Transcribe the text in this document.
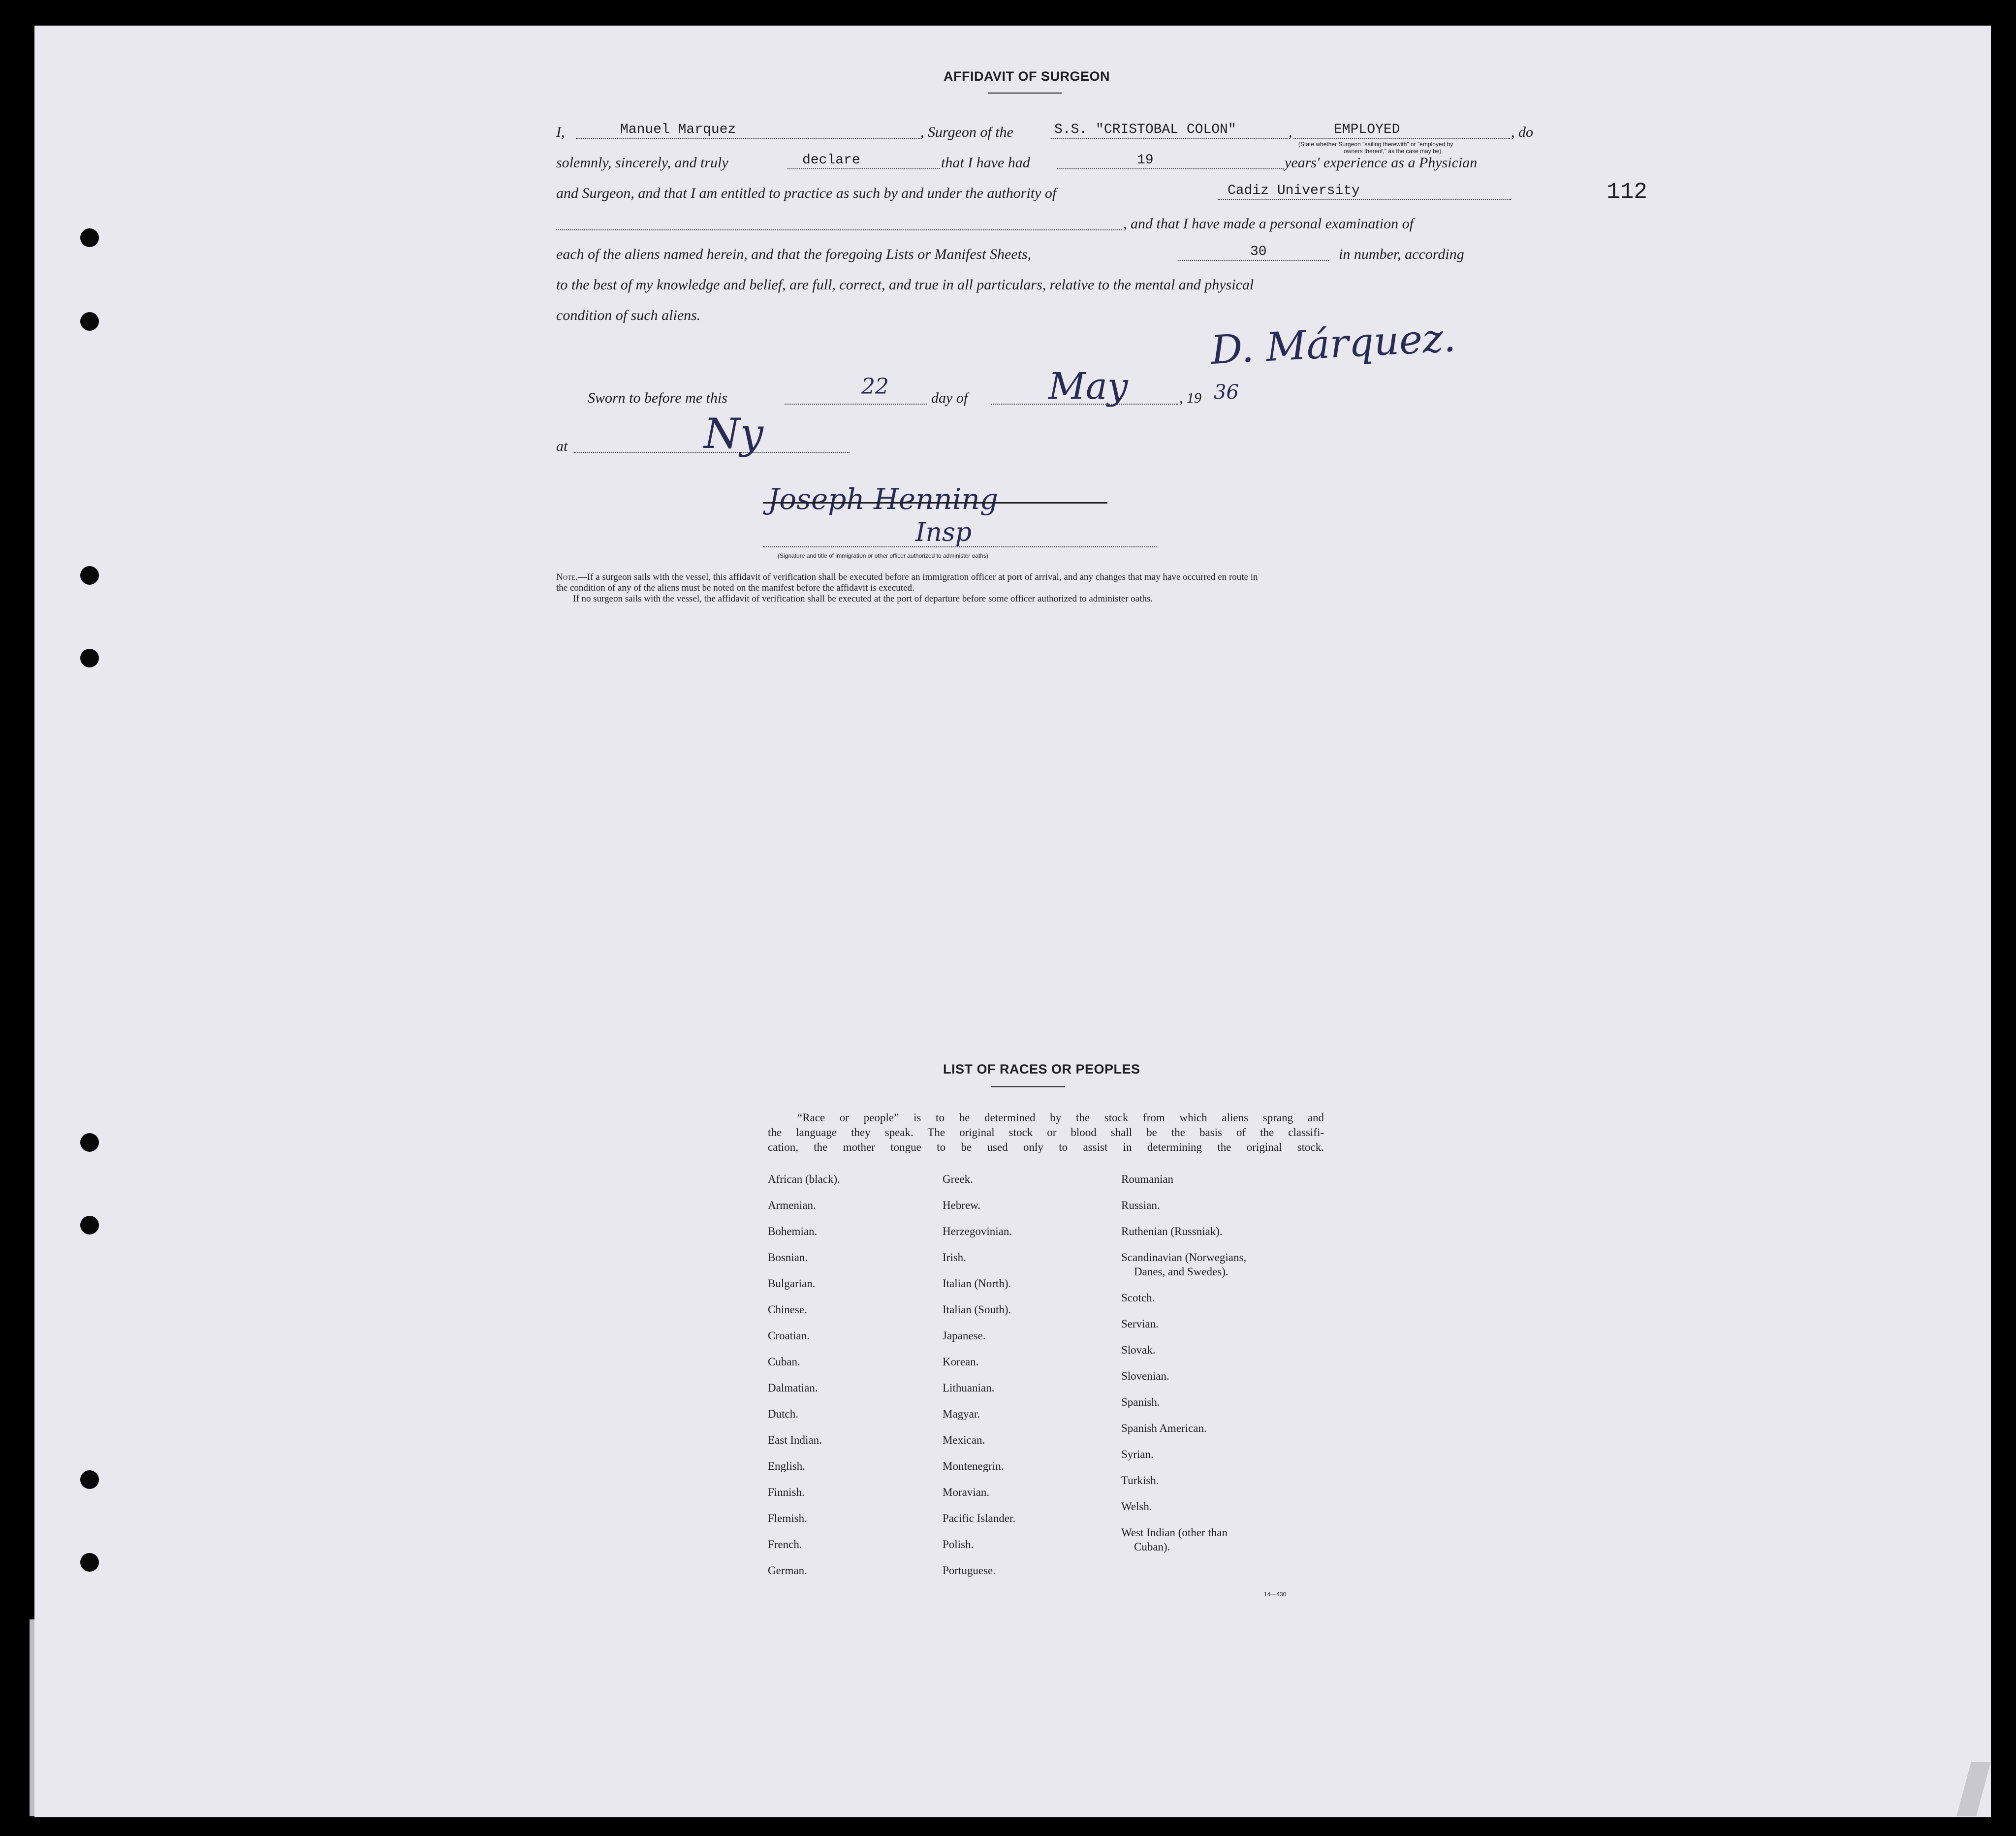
112
AFFIDAVIT OF SURGEON
I,	Manuel Marquez	, Surgeon of the	S.S. "CRISTOBAL COLON"	,	EMPLOYED	, do
(State whether Surgeon "sailing therewith" or "employed by
owners thereof," as the case may be)
solemnly, sincerely, and truly	declare	that I have had	19	years' experience as a Physician
and Surgeon, and that I am entitled to practice as such by and under the authority of	Cadiz University
, and that I have made a personal examination of
each of the aliens named herein, and that the foregoing Lists or Manifest Sheets,	30	in number, according
to the best of my knowledge and belief, are full, correct, and true in all particulars, relative to the mental and physical
condition of such aliens.	D. Márquez.
Sworn to before me this	22	day of May	, 19 36
at	Ny
Joseph Henning
Insp
(Signature and title of immigration or other officer authorized to administer oaths)
Note.—If a surgeon sails with the vessel, this affidavit of verification shall be executed before an immigration officer at port of arrival, and any changes that may have occurred en route in
the condition of any of the aliens must be noted on the manifest before the affidavit is executed.
If no surgeon sails with the vessel, the affidavit of verification shall be executed at the port of departure before some officer authorized to administer oaths.
LIST OF RACES OR PEOPLES
“Race or people” is to be determined by the stock from which aliens sprang and
the language they speak. The original stock or blood shall be the basis of the classifi-
cation, the mother tongue to be used only to assist in determining the original stock.
African (black).
Armenian.
Bohemian.
Bosnian.
Bulgarian.
Chinese.
Croatian.
Cuban.
Dalmatian.
Dutch.
East Indian.
English.
Finnish.
Flemish.
French.
German.
Greek.
Hebrew.
Herzegovinian.
Irish.
Italian (North).
Italian (South).
Japanese.
Korean.
Lithuanian.
Magyar.
Mexican.
Montenegrin.
Moravian.
Pacific Islander.
Polish.
Portuguese.
Roumanian
Russian.
Ruthenian (Russniak).
Scandinavian (Norwegians,
Danes, and Swedes).
Scotch.
Servian.
Slovak.
Slovenian.
Spanish.
Spanish American.
Syrian.
Turkish.
Welsh.
West Indian (other than
Cuban).
14—430
